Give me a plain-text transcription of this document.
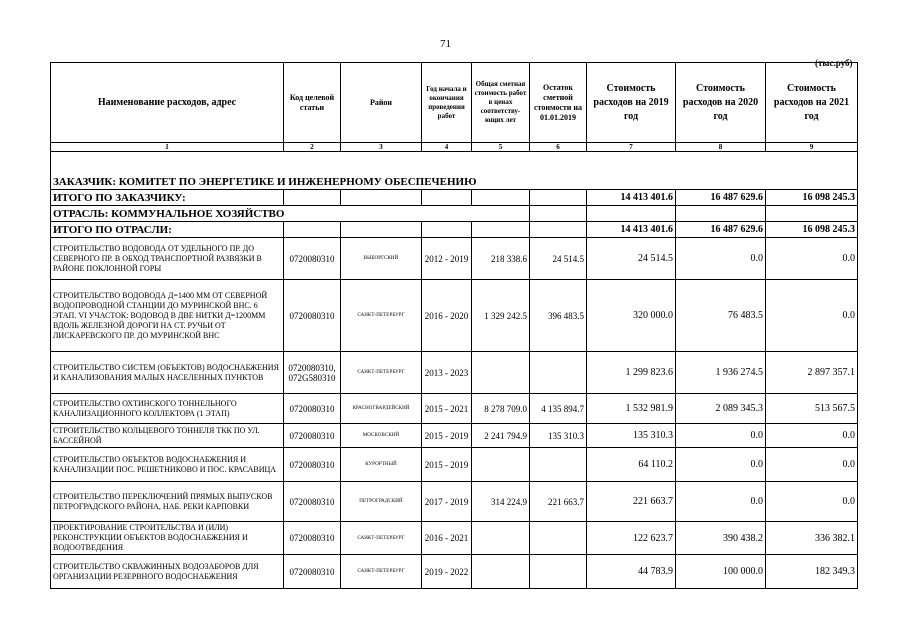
71
(тыс.руб)
Наименование расходов, адрес	Код целевой статьи	Район	Год начала и окончания проведения работ	Общая сметная стоимость работ в ценах соответству-ющих лет	Остаток сметной стоимости на 01.01.2019	Стоимость расходов на 2019 год	Стоимость расходов на 2020 год	Стоимость расходов на 2021 год
1	2	3	4	5	6	7	8	9

ЗАКАЗЧИК: КОМИТЕТ ПО ЭНЕРГЕТИКЕ И ИНЖЕНЕРНОМУ ОБЕСПЕЧЕНИЮ								
ИТОГО ПО ЗАКАЗЧИКУ:						14 413 401.6	16 487 629.6	16 098 245.3
ОТРАСЛЬ: КОММУНАЛЬНОЕ ХОЗЯЙСТВО								
ИТОГО ПО ОТРАСЛИ:						14 413 401.6	16 487 629.6	16 098 245.3
СТРОИТЕЛЬСТВО ВОДОВОДА ОТ УДЕЛЬНОГО ПР. ДО СЕВЕРНОГО ПР. В ОБХОД ТРАНСПОРТНОЙ РАЗВЯЗКИ В РАЙОНЕ ПОКЛОННОЙ ГОРЫ	0720080310	ВЫБОРГСКИЙ	2012 - 2019	218 338.6	24 514.5	24 514.5	0.0	0.0
СТРОИТЕЛЬСТВО ВОДОВОДА Д=1400 ММ ОТ СЕВЕРНОЙ ВОДОПРОВОДНОЙ СТАНЦИИ ДО МУРИНСКОЙ ВНС. 6 ЭТАП. VI УЧАСТОК: ВОДОВОД В ДВЕ НИТКИ Д=1200ММ ВДОЛЬ ЖЕЛЕЗНОЙ ДОРОГИ НА СТ. РУЧЬИ ОТ ЛИСКАРЕВСКОГО ПР. ДО МУРИНСКОЙ ВНС	0720080310	САНКТ-ПЕТЕРБУРГ	2016 - 2020	1 329 242.5	396 483.5	320 000.0	76 483.5	0.0
СТРОИТЕЛЬСТВО СИСТЕМ (ОБЪЕКТОВ) ВОДОСНАБЖЕНИЯ И КАНАЛИЗОВАНИЯ МАЛЫХ НАСЕЛЕННЫХ ПУНКТОВ	0720080310, 072G580310	САНКТ-ПЕТЕРБУРГ	2013 - 2023			1 299 823.6	1 936 274.5	2 897 357.1
СТРОИТЕЛЬСТВО ОХТИНСКОГО ТОННЕЛЬНОГО КАНАЛИЗАЦИОННОГО КОЛЛЕКТОРА (1 ЭТАП)	0720080310	КРАСНОГВАРДЕЙСКИЙ	2015 - 2021	8 278 709.0	4 135 894.7	1 532 981.9	2 089 345.3	513 567.5
СТРОИТЕЛЬСТВО КОЛЬЦЕВОГО ТОННЕЛЯ ТКК ПО УЛ. БАССЕЙНОЙ	0720080310	МОСКОВСКИЙ	2015 - 2019	2 241 794.9	135 310.3	135 310.3	0.0	0.0
СТРОИТЕЛЬСТВО ОБЪЕКТОВ ВОДОСНАБЖЕНИЯ И КАНАЛИЗАЦИИ ПОС. РЕШЕТНИКОВО И ПОС. КРАСАВИЦА	0720080310	КУРОРТНЫЙ	2015 - 2019			64 110.2	0.0	0.0
СТРОИТЕЛЬСТВО ПЕРЕКЛЮЧЕНИЙ ПРЯМЫХ ВЫПУСКОВ ПЕТРОГРАДСКОГО РАЙОНА, НАБ. РЕКИ КАРПОВКИ	0720080310	ПЕТРОГРАДСКИЙ	2017 - 2019	314 224.9	221 663.7	221 663.7	0.0	0.0
ПРОЕКТИРОВАНИЕ СТРОИТЕЛЬСТВА И (ИЛИ) РЕКОНСТРУКЦИИ ОБЪЕКТОВ ВОДОСНАБЖЕНИЯ И ВОДООТВЕДЕНИЯ	0720080310	САНКТ-ПЕТЕРБУРГ	2016 - 2021			122 623.7	390 438.2	336 382.1
СТРОИТЕЛЬСТВО СКВАЖИННЫХ ВОДОЗАБОРОВ ДЛЯ ОРГАНИЗАЦИИ РЕЗЕРВНОГО ВОДОСНАБЖЕНИЯ	0720080310	САНКТ-ПЕТЕРБУРГ	2019 - 2022			44 783.9	100 000.0	182 349.3
